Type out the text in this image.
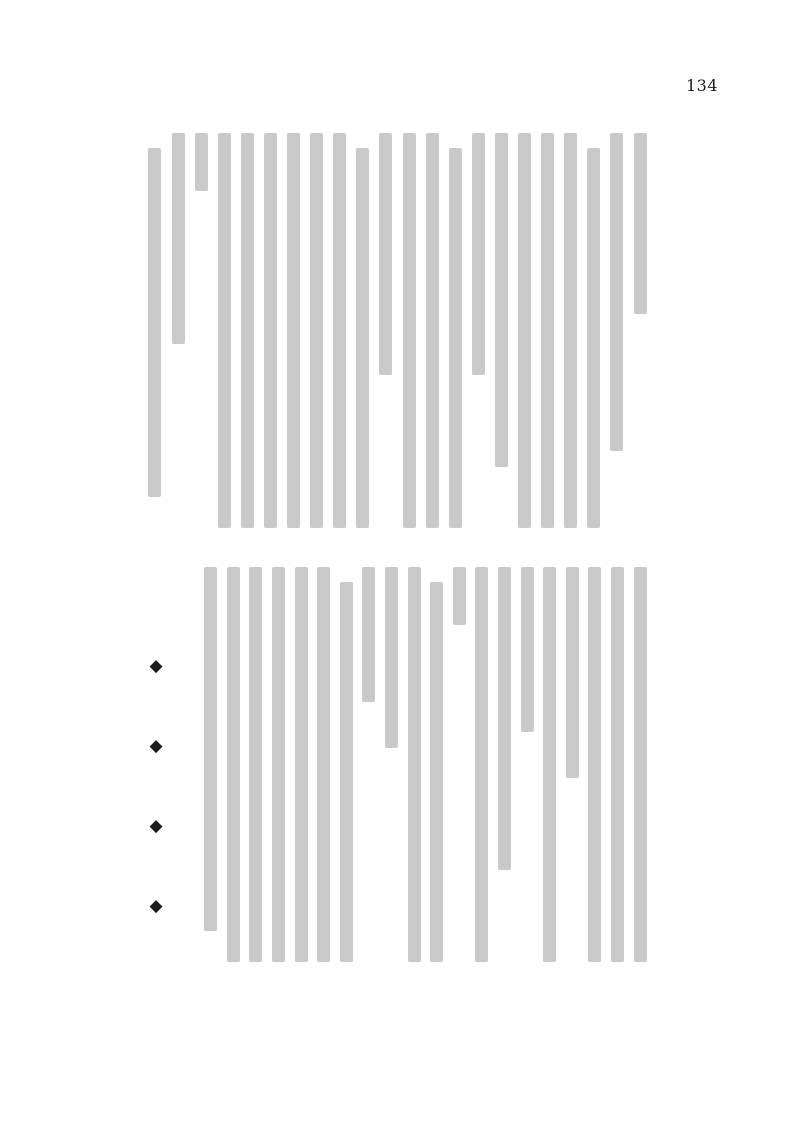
134
◆
◆
◆
◆
